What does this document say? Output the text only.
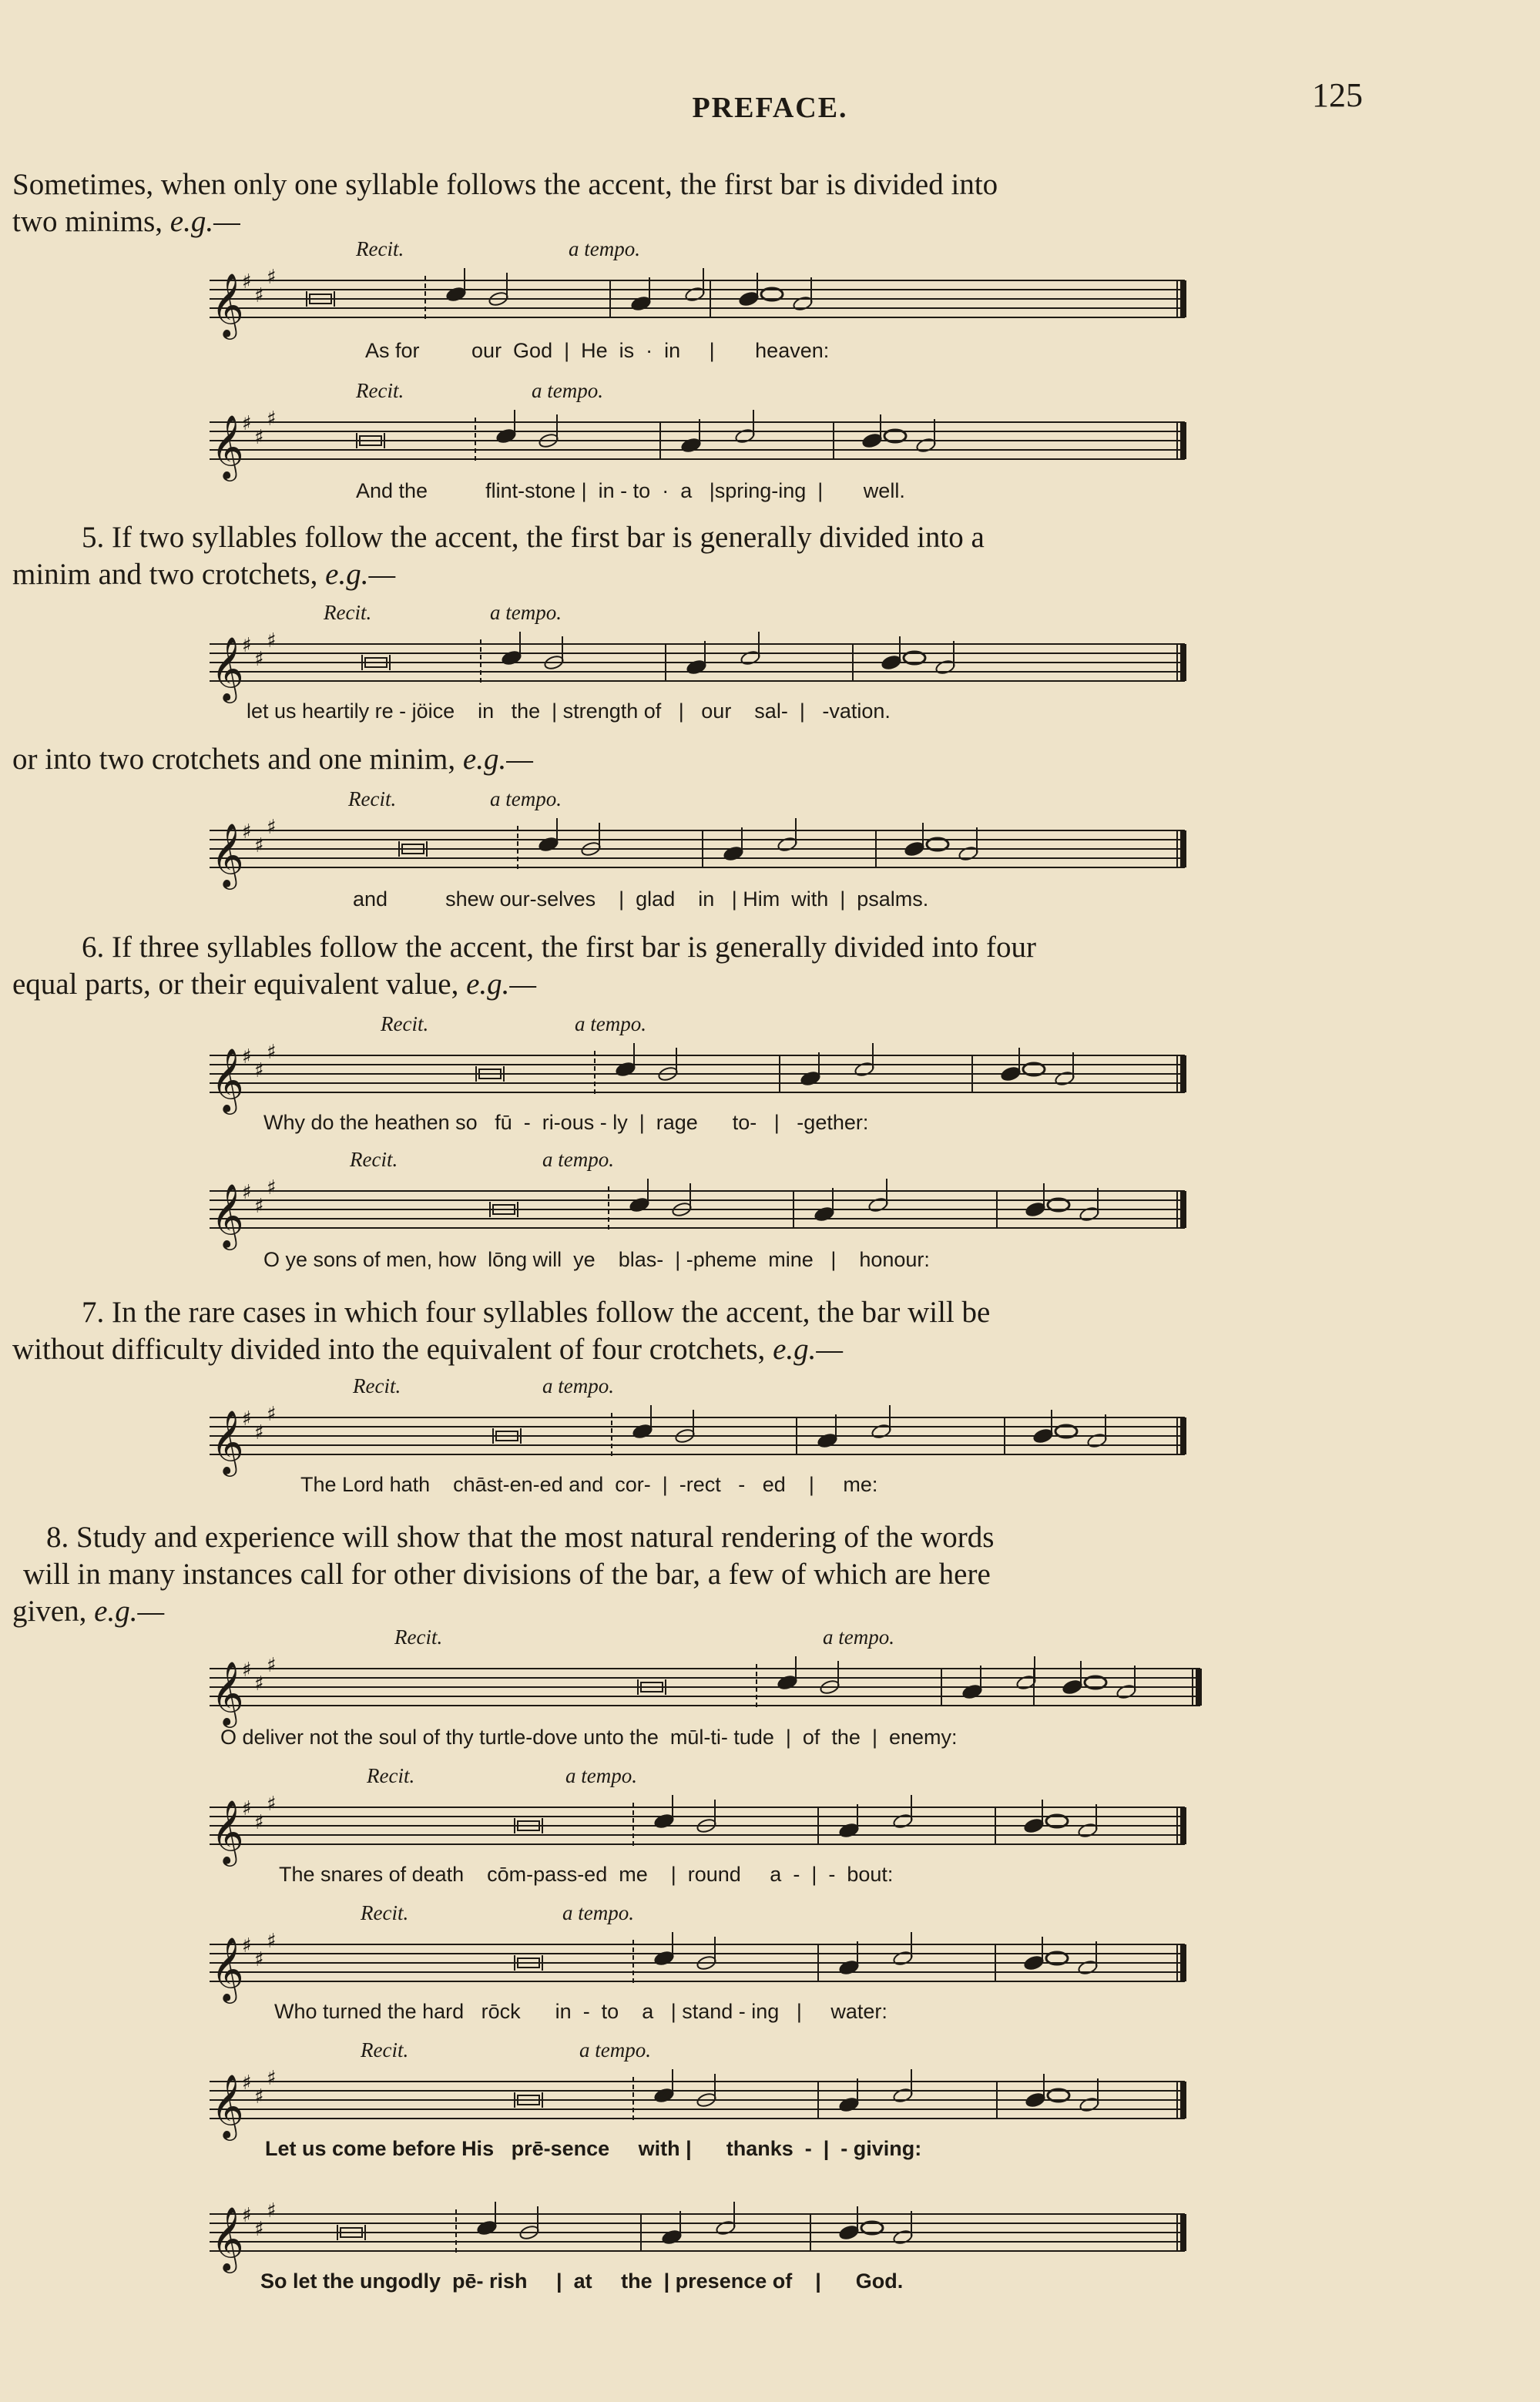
PREFACE.	125
Sometimes, when only one syllable follows the accent, the first bar is divided into
two minims, e.g.—
Recit.	a tempo.
𝄞
♯
♯
♯
As for         our  God  |  He  is  ·  in     |       heaven:
Recit.	a tempo.
𝄞
♯
♯
♯
And the          flint-stone |  in - to  ·  a   |spring-ing  |       well.
5. If two syllables follow the accent, the first bar is generally divided into a
minim and two crotchets, e.g.—
Recit.	a tempo.
𝄞
♯
♯
♯
let us heartily re - jöice    in   the  | strength of   |   our    sal-  |   -vation.
or into two crotchets and one minim, e.g.—
Recit.	a tempo.
𝄞
♯
♯
♯
and          shew our-selves    |  glad    in   | Him  with  |  psalms.
6. If three syllables follow the accent, the first bar is generally divided into four
equal parts, or their equivalent value, e.g.—
Recit.	a tempo.
𝄞
♯
♯
♯
Why do the heathen so   fū  -  ri-ous - ly  |  rage      to-   |   -gether:
Recit.	a tempo.
𝄞
♯
♯
♯
O ye sons of men, how  lōng will  ye    blas-  | -pheme  mine   |    honour:
7. In the rare cases in which four syllables follow the accent, the bar will be
without difficulty divided into the equivalent of four crotchets, e.g.—
Recit.	a tempo.
𝄞
♯
♯
♯
The Lord hath    chāst-en-ed and  cor-  |  -rect   -   ed    |     me:
8. Study and experience will show that the most natural rendering of the words
will in many instances call for other divisions of the bar, a few of which are here
given, e.g.—
Recit.	a tempo.
𝄞
♯
♯
♯
O deliver not the soul of thy turtle-dove unto the  mūl-ti- tude  |  of  the  |  enemy:
Recit.	a tempo.
𝄞
♯
♯
♯
The snares of death    cōm-pass-ed  me    |  round     a  -  |  -  bout:
Recit.	a tempo.
𝄞
♯
♯
♯
Who turned the hard   rōck      in  -  to    a   | stand - ing   |     water:
Recit.	a tempo.
𝄞
♯
♯
♯
Let us come before His   prē-sence     with |      thanks  -  |  - giving:
𝄞
♯
♯
♯
So let the ungodly  pē- rish     |  at     the  | presence of    |      God.
